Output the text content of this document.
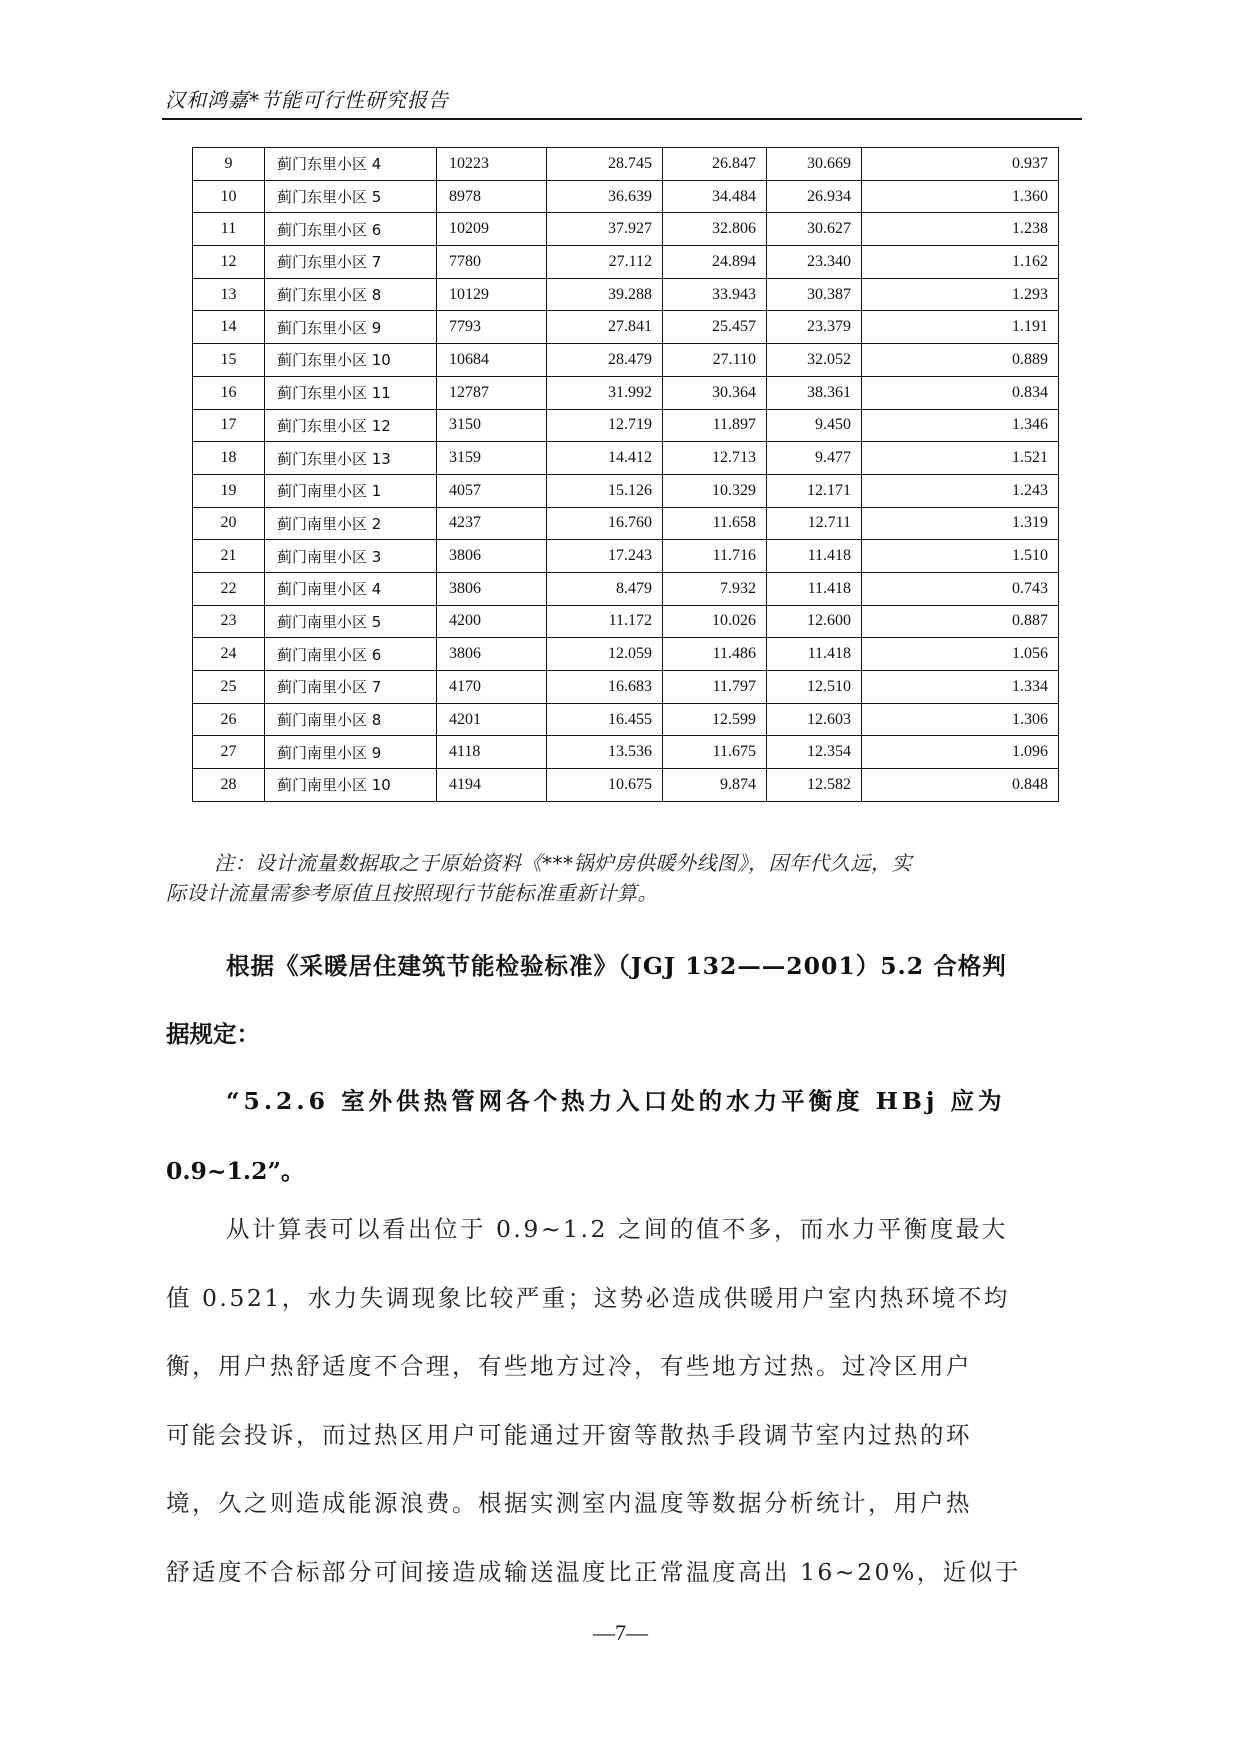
汉和鸿嘉*节能可行性研究报告
9	蓟门东里小区 4	10223	28.745	26.847	30.669	0.937
10	蓟门东里小区 5	8978	36.639	34.484	26.934	1.360
11	蓟门东里小区 6	10209	37.927	32.806	30.627	1.238
12	蓟门东里小区 7	7780	27.112	24.894	23.340	1.162
13	蓟门东里小区 8	10129	39.288	33.943	30.387	1.293
14	蓟门东里小区 9	7793	27.841	25.457	23.379	1.191
15	蓟门东里小区 10	10684	28.479	27.110	32.052	0.889
16	蓟门东里小区 11	12787	31.992	30.364	38.361	0.834
17	蓟门东里小区 12	3150	12.719	11.897	9.450	1.346
18	蓟门东里小区 13	3159	14.412	12.713	9.477	1.521
19	蓟门南里小区 1	4057	15.126	10.329	12.171	1.243
20	蓟门南里小区 2	4237	16.760	11.658	12.711	1.319
21	蓟门南里小区 3	3806	17.243	11.716	11.418	1.510
22	蓟门南里小区 4	3806	8.479	7.932	11.418	0.743
23	蓟门南里小区 5	4200	11.172	10.026	12.600	0.887
24	蓟门南里小区 6	3806	12.059	11.486	11.418	1.056
25	蓟门南里小区 7	4170	16.683	11.797	12.510	1.334
26	蓟门南里小区 8	4201	16.455	12.599	12.603	1.306
27	蓟门南里小区 9	4118	13.536	11.675	12.354	1.096
28	蓟门南里小区 10	4194	10.675	9.874	12.582	0.848
注：设计流量数据取之于原始资料《***锅炉房供暖外线图》，因年代久远，实
际设计流量需参考原值且按照现行节能标准重新计算。
根据《采暖居住建筑节能检验标准》（JGJ 132——2001）5.2 合格判
据规定：
“5.2.6 室外供热管网各个热力入口处的水力平衡度 HBj 应为
0.9~1.2”。
从计算表可以看出位于 0.9~1.2 之间的值不多，而水力平衡度最大
值 0.521，水力失调现象比较严重；这势必造成供暖用户室内热环境不均
衡，用户热舒适度不合理，有些地方过冷，有些地方过热。过冷区用户
可能会投诉，而过热区用户可能通过开窗等散热手段调节室内过热的环
境，久之则造成能源浪费。根据实测室内温度等数据分析统计，用户热
舒适度不合标部分可间接造成输送温度比正常温度高出 16~20%，近似于
—7—
